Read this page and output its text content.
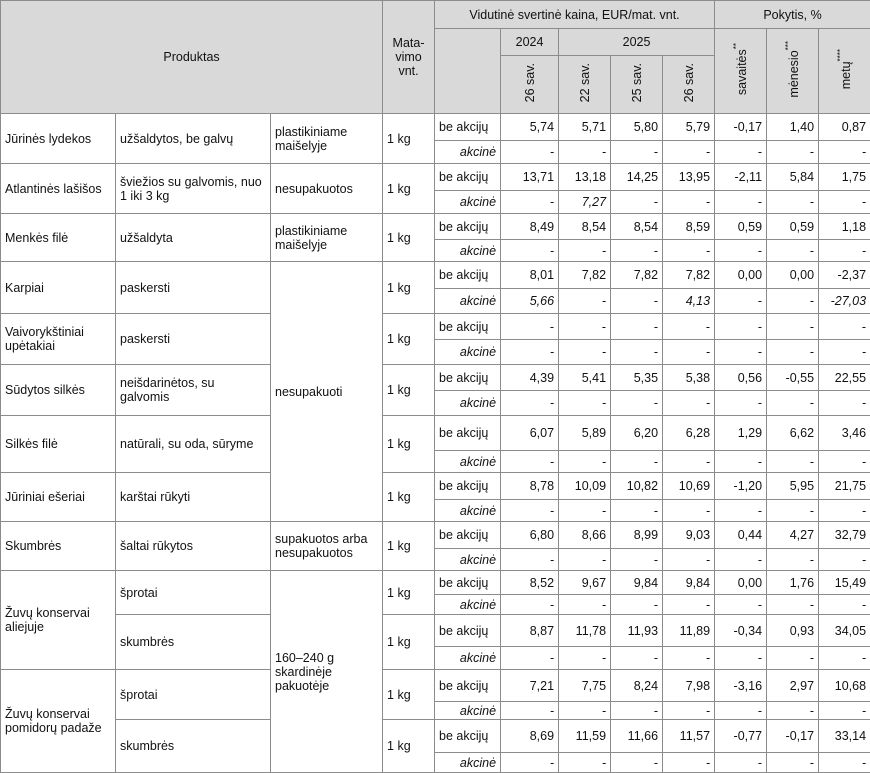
Produktas			Mata-
vimo
vnt.	Vidutinė svertinė kaina, EUR/mat. vnt.					Pokytis, %		
					2024	2025			savaitės**	mėnesio***	metų****
					26 sav.	22 sav.	25 sav.	26 sav.			
Jūrinės lydekos	užšaldytos, be galvų	plastikiniame maišelyje	1 kg	be akcijų	5,74	5,71	5,80	5,79	-0,17	1,40	0,87
				akcinė	-	-	-	-	-	-	-
Atlantinės lašišos	šviežios su galvomis, nuo 1 iki 3 kg	nesupakuotos	1 kg	be akcijų	13,71	13,18	14,25	13,95	-2,11	5,84	1,75
				akcinė	-	7,27	-	-	-	-	-
Menkės filė	užšaldyta	plastikiniame maišelyje	1 kg	be akcijų	8,49	8,54	8,54	8,59	0,59	0,59	1,18
				akcinė	-	-	-	-	-	-	-
Karpiai	paskersti	nesupakuoti	1 kg	be akcijų	8,01	7,82	7,82	7,82	0,00	0,00	-2,37
				akcinė	5,66	-	-	4,13	-	-	-27,03
Vaivorykštiniai upėtakiai	paskersti		1 kg	be akcijų	-	-	-	-	-	-	-
				akcinė	-	-	-	-	-	-	-
Sūdytos silkės	neišdarinėtos, su galvomis		1 kg	be akcijų	4,39	5,41	5,35	5,38	0,56	-0,55	22,55
				akcinė	-	-	-	-	-	-	-
Silkės filė	natūrali, su oda, sūryme		1 kg	be akcijų	6,07	5,89	6,20	6,28	1,29	6,62	3,46
				akcinė	-	-	-	-	-	-	-
Jūriniai ešeriai	karštai rūkyti		1 kg	be akcijų	8,78	10,09	10,82	10,69	-1,20	5,95	21,75
				akcinė	-	-	-	-	-	-	-
Skumbrės	šaltai rūkytos	supakuotos arba nesupakuotos	1 kg	be akcijų	6,80	8,66	8,99	9,03	0,44	4,27	32,79
				akcinė	-	-	-	-	-	-	-
Žuvų konservai aliejuje	šprotai	160–240 g skardinėje pakuotėje	1 kg	be akcijų	8,52	9,67	9,84	9,84	0,00	1,76	15,49
				akcinė	-	-	-	-	-	-	-
	skumbrės		1 kg	be akcijų	8,87	11,78	11,93	11,89	-0,34	0,93	34,05
				akcinė	-	-	-	-	-	-	-
Žuvų konservai pomidorų padaže	šprotai		1 kg	be akcijų	7,21	7,75	8,24	7,98	-3,16	2,97	10,68
				akcinė	-	-	-	-	-	-	-
	skumbrės		1 kg	be akcijų	8,69	11,59	11,66	11,57	-0,77	-0,17	33,14
				akcinė	-	-	-	-	-	-	-
